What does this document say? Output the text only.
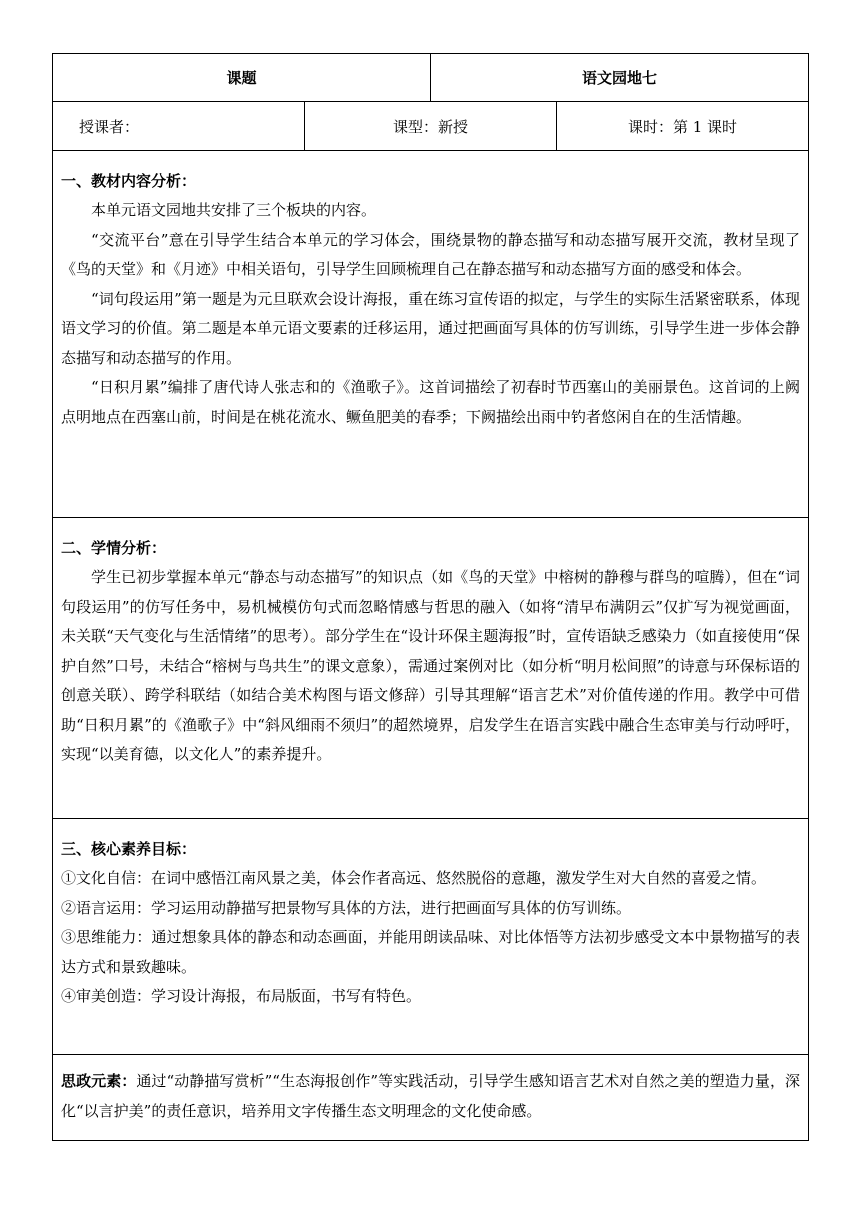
课题		语文园地七	
授课者：	课型：新授		课时：第 1 课时

一、教材内容分析：

本单元语文园地共安排了三个板块的内容。

“交流平台”意在引导学生结合本单元的学习体会，围绕景物的静态描写和动态描写展开交流，教材呈现了《鸟的天堂》和《月迹》中相关语句，引导学生回顾梳理自己在静态描写和动态描写方面的感受和体会。

“词句段运用”第一题是为元旦联欢会设计海报，重在练习宣传语的拟定，与学生的实际生活紧密联系，体现语文学习的价值。第二题是本单元语文要素的迁移运用，通过把画面写具体的仿写训练，引导学生进一步体会静态描写和动态描写的作用。

“日积月累”编排了唐代诗人张志和的《渔歌子》。这首词描绘了初春时节西塞山的美丽景色。这首词的上阙点明地点在西塞山前，时间是在桃花流水、鳜鱼肥美的春季；下阙描绘出雨中钓者悠闲自在的生活情趣。			

二、学情分析：

学生已初步掌握本单元“静态与动态描写”的知识点（如《鸟的天堂》中榕树的静穆与群鸟的喧腾），但在“词句段运用”的仿写任务中，易机械模仿句式而忽略情感与哲思的融入（如将“清早布满阴云”仅扩写为视觉画面，未关联“天气变化与生活情绪”的思考）。部分学生在“设计环保主题海报”时，宣传语缺乏感染力（如直接使用“保护自然”口号，未结合“榕树与鸟共生”的课文意象），需通过案例对比（如分析“明月松间照”的诗意与环保标语的创意关联）、跨学科联结（如结合美术构图与语文修辞）引导其理解“语言艺术”对价值传递的作用。教学中可借助“日积月累”的《渔歌子》中“斜风细雨不须归”的超然境界，启发学生在语言实践中融合生态审美与行动呼吁，实现“以美育德，以文化人”的素养提升。			

三、核心素养目标：

①文化自信：在词中感悟江南风景之美，体会作者高远、悠然脱俗的意趣，激发学生对大自然的喜爱之情。

②语言运用：学习运用动静描写把景物写具体的方法，进行把画面写具体的仿写训练。

③思维能力：通过想象具体的静态和动态画面，并能用朗读品味、对比体悟等方法初步感受文本中景物描写的表达方式和景致趣味。

④审美创造：学习设计海报，布局版面，书写有特色。			

思政元素：通过“动静描写赏析”“生态海报创作”等实践活动，引导学生感知语言艺术对自然之美的塑造力量，深化“以言护美”的责任意识，培养用文字传播生态文明理念的文化使命感。			
